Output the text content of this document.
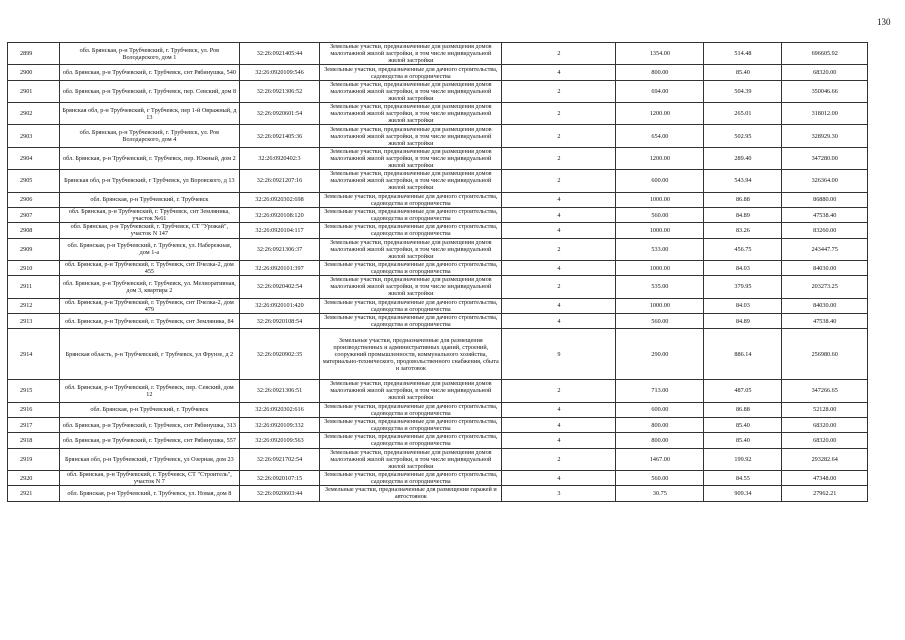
130
2899	обл. Брянская, р-н Трубчевский, г. Трубчевск, ул. Ров Володарского, дом 1	32:26:0921405:44	Земельные участки, предназначенные для размещения домов малоэтажной жилой застройки, в том числе индивидуальной жилой застройки	2	1354.00	514.48	696605.92
2900	обл. Брянская, р-н Трубчевский, г. Трубчевск, снт Рябинушка, 540	32:26:0920109:546	Земельные участки, предназначенные для дачного строительства, садоводства и огородничества	4	800.00	85.40	68320.00
2901	обл. Брянская, р-н Трубчевский, г. Трубчевск, пер. Севский, дом 8	32:26:0921306:52	Земельные участки, предназначенные для размещения домов малоэтажной жилой застройки, в том числе индивидуальной жилой застройки	2	694.00	504.39	350046.66
2902	Брянская обл, р-н Трубчевский, г Трубчевск, пер 1-й Овражный, д 13	32:26:0920601:54	Земельные участки, предназначенные для размещения домов малоэтажной жилой застройки, в том числе индивидуальной жилой застройки	2	1200.00	265.01	318012.00
2903	обл. Брянская, р-н Трубчевский, г. Трубчевск, ул. Ров Володарского, дом 4	32:26:0921405:36	Земельные участки, предназначенные для размещения домов малоэтажной жилой застройки, в том числе индивидуальной жилой застройки	2	654.00	502.95	328929.30
2904	обл. Брянская, р-н Трубчевский, г. Трубчевск, пер. Южный, дом 2	32:26:0920402:3	Земельные участки, предназначенные для размещения домов малоэтажной жилой застройки, в том числе индивидуальной жилой застройки	2	1200.00	289.40	347280.00
2905	Брянская обл, р-н Трубчевский, г Трубчевск, ул Воровского, д 13	32:26:0921207:16	Земельные участки, предназначенные для размещения домов малоэтажной жилой застройки, в том числе индивидуальной жилой застройки	2	600.00	543.94	326364.00
2906	обл. Брянская, р-н Трубчевский, г. Трубчевск	32:26:0920302:698	Земельные участки, предназначенные для дачного строительства, садоводства и огородничества	4	1000.00	86.88	86880.00
2907	обл. Брянская, р-н Трубчевский, г. Трубчевск, снт Земляника, участок №61	32:26:0920108:120	Земельные участки, предназначенные для дачного строительства, садоводства и огородничества	4	560.00	84.89	47538.40
2908	обл. Брянская, р-н Трубчевский, г. Трубчевск, СТ "Урожай", участок N 147	32:26:0920104:117	Земельные участки, предназначенные для дачного строительства, садоводства и огородничества	4	1000.00	83.26	83260.00
2909	обл. Брянская, р-н Трубчевский, г. Трубчевск, ул. Набережная, дом 1-а	32:26:0921306:37	Земельные участки, предназначенные для размещения домов малоэтажной жилой застройки, в том числе индивидуальной жилой застройки	2	533.00	456.75	243447.75
2910	обл. Брянская, р-н Трубчевский, г. Трубчевск, снт Пчелка-2, дом 455	32:26:0920101:397	Земельные участки, предназначенные для дачного строительства, садоводства и огородничества	4	1000.00	84.03	84030.00
2911	обл. Брянская, р-н Трубчевский, г. Трубчевск, ул. Мелиоративная, дом 3, квартира 2	32:26:0920402:54	Земельные участки, предназначенные для размещения домов малоэтажной жилой застройки, в том числе индивидуальной жилой застройки	2	535.00	379.95	203273.25
2912	обл. Брянская, р-н Трубчевский, г. Трубчевск, снт Пчелка-2, дом 479	32:26:0920101:420	Земельные участки, предназначенные для дачного строительства, садоводства и огородничества	4	1000.00	84.03	84030.00
2913	обл. Брянская, р-н Трубчевский, г. Трубчевск, снт Земляника, 84	32:26:0920108:54	Земельные участки, предназначенные для дачного строительства, садоводства и огородничества	4	560.00	84.89	47538.40
2914	Брянская область, р-н Трубчевский, г Трубчевск, ул Фрунзе, д 2	32:26:0920902:35	Земельные участки, предназначенные для размещения производственных и административных зданий, строений, сооружений промышленности, коммунального хозяйства, материально-технического, продовольственного снабжения, сбыта и заготовок	9	290.00	886.14	256980.60
2915	обл. Брянская, р-н Трубчевский, г. Трубчевск, пер. Севский, дом 12	32:26:0921306:51	Земельные участки, предназначенные для размещения домов малоэтажной жилой застройки, в том числе индивидуальной жилой застройки	2	713.00	487.05	347266.65
2916	обл. Брянская, р-н Трубчевский, г. Трубчевск	32:26:0920302:616	Земельные участки, предназначенные для дачного строительства, садоводства и огородничества	4	600.00	86.88	52128.00
2917	обл. Брянская, р-н Трубчевский, г. Трубчевск, снт Рябинушка, 313	32:26:0920109:332	Земельные участки, предназначенные для дачного строительства, садоводства и огородничества	4	800.00	85.40	68320.00
2918	обл. Брянская, р-н Трубчевский, г. Трубчевск, снт Рябинушка, 557	32:26:0920109:563	Земельные участки, предназначенные для дачного строительства, садоводства и огородничества	4	800.00	85.40	68320.00
2919	Брянская обл, р-н Трубчевский, г Трубчевск, ул Озерная, дом 23	32:26:0921702:54	Земельные участки, предназначенные для размещения домов малоэтажной жилой застройки, в том числе индивидуальной жилой застройки	2	1467.00	199.92	293282.64
2920	обл. Брянская, р-н Трубчевский, г. Трубчевск, СТ "Строитель", участок N 7	32:26:0920107:15	Земельные участки, предназначенные для дачного строительства, садоводства и огородничества	4	560.00	84.55	47348.00
2921	обл. Брянская, р-н Трубчевский, г. Трубчевск, ул. Новая, дом 8	32:26:0920603:44	Земельные участки, предназначенные для размещения гаражей и автостоянок	3	30.75	909.34	27962.21
